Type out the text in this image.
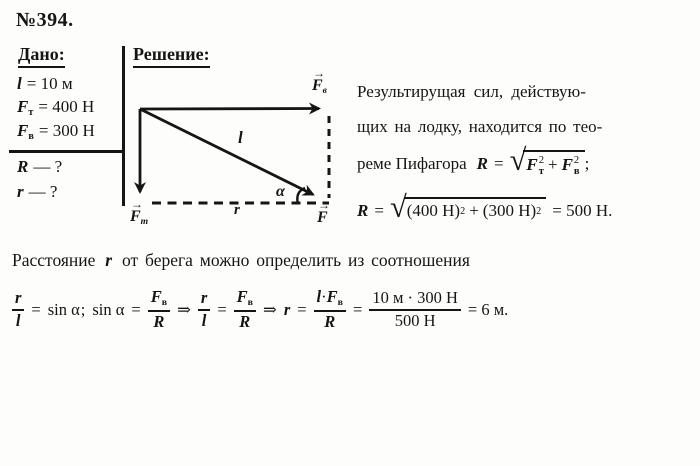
№394.
Дано:
l = 10 м
$F_т = 400$ Н
$F_в = 300$ Н
R — ?
r — ?
Решение:
→
$F_в$
→
$F_т$
→
F
l
α
r
Результирущая сил, действую-
щих на лодку, находится по тео-
реме Пифагора R = √ F 2
т + F 2
в ;
R = √ (400 Н) 2 + (300 Н) 2 = 500 Н.
Расстояние r от берега можно определить из соотношения
$\frac{r}{l} = \sin \alpha$ ; $\sin \alpha = \frac{F_в}{R}$ ⇒ $\frac{r}{l} = \frac{F_в}{R}$ ⇒ $r = \frac{l\cdot F_в}{R} = \frac{10 м \cdot 300 Н}{500 Н} = 6$ м.
